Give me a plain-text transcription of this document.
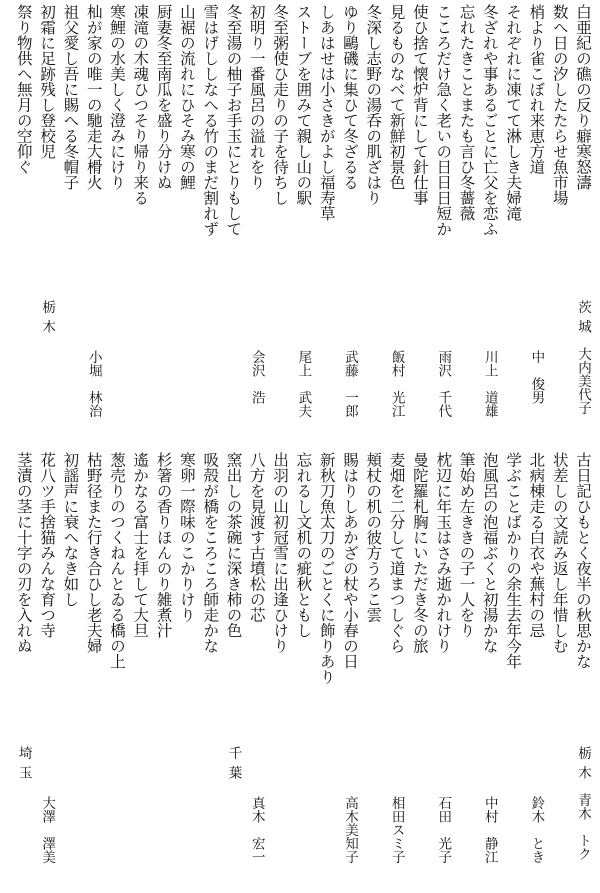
白亜紀の礁の反り癖寒怒濤
茨城
大内美代子
数へ日の汐したたらせ魚市場
梢より雀こぼれ来恵方道
中　俊男
それぞれに凍てて淋しき夫婦滝
冬ざれや事あるごとに亡父を恋ふ
川上　道雄
忘れたきことまたも言ひ冬薔薇
こころだけ急く老いの日日日短か
雨沢　千代
使ひ捨て懐炉背にして針仕事
見るものなべて新鮮初景色
飯村　光江
冬深し志野の湯呑の肌ざはり
ゆり鷗磯に集ひて冬ざるる
武藤　一郎
しあはせは小さきがよし福寿草
ストーブを囲みて親し山の駅
尾上　武夫
冬至粥使ひ走りの子を待ちし
初明り一番風呂の溢れをり
会沢　浩
冬至湯の柚子お手玉にとりもして
雪はげししなへる竹のまだ割れず
山裾の流れにひそみ寒の鯉
厨妻冬至南瓜を盛り分けぬ
凍滝の木魂ひつそり帰り来る
寒鯉の水美しく澄みにけり
杣が家の唯一の馳走大榾火
小堀　林治
祖父愛し吾に賜へる冬帽子
初霜に足跡残し登校児
栃木
祭り物供へ無月の空仰ぐ
古日記ひもとく夜半の秋思かな
栃木
青木　トク
状差しの文読み返し年惜しむ
北病棟走る白衣や蕪村の忌
鈴木　とき
学ぶことばかりの余生去年今年
泡風呂の泡福ぶくと初湯かな
中村　静江
筆始め左ききの子一人をり
枕辺に年玉はさみ逝かれけり
石田　光子
曼陀羅札胸にいただき冬の旅
麦畑を二分して道まつしぐら
相田スミ子
頬杖の机の彼方うろこ雲
賜はりしあかざの杖や小春の日
高木美知子
新秋刀魚太刀のごとくに飾りあり
忘れるし文机の疵秋ともし
出羽の山初冠雪に出逢ひけり
八方を見渡す古墳松の芯
真木　宏一
窯出しの茶碗に深き柿の色
千葉
吸殻が橋をころころ師走かな
寒卵一際味のこかりけり
杉箸の香りほんのり雑煮汁
遙かなる富士を拝して大旦
葱売りのつくねんとゐる橋の上
枯野径また行き合ひし老夫婦
初謡声に衰へなき如し
花八ツ手捨猫みんな育つ寺
大澤　澤美
茎漬の茎に十字の刃を入れぬ
埼玉
